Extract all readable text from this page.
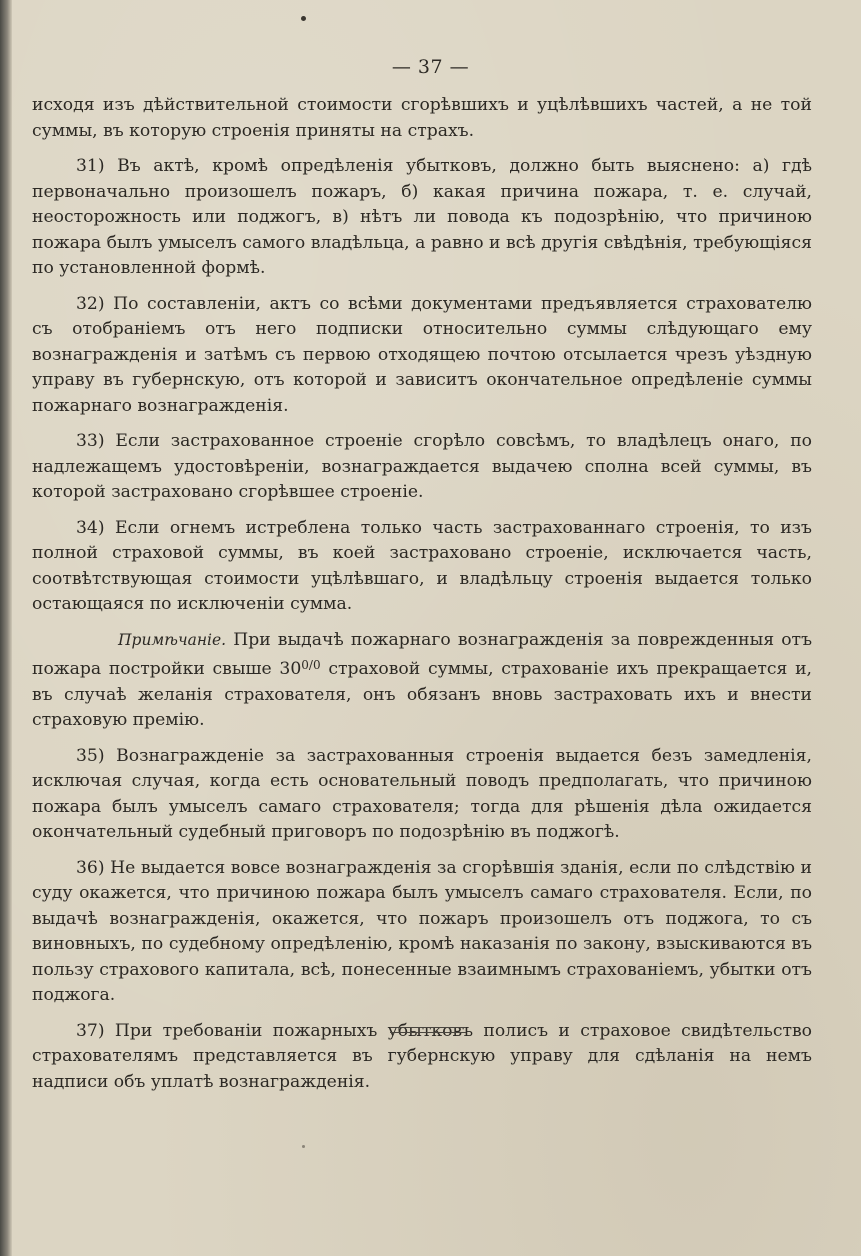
— 37 —

исходя изъ дѣйствительной стоимости сгорѣвшихъ и уцѣлѣвшихъ частей, а не той суммы, въ которую строенія приняты на страхъ.

31) Въ актѣ, кромѣ опредѣленія убытковъ, должно быть выяснено: а) гдѣ первоначально произошелъ пожаръ, б) какая причина пожара, т. е. случай, неосторожность или поджогъ, в) нѣтъ ли повода къ подозрѣнію, что причиною пожара былъ умыселъ самого владѣльца, а равно и всѣ другія свѣдѣнія, требующіяся по установленной формѣ.

32) По составленіи, актъ со всѣми документами предъявляется страхователю съ отобраніемъ отъ него подписки относительно суммы слѣдующаго ему вознагражденія и затѣмъ съ первою отходящею почтою отсылается чрезъ уѣздную управу въ губернскую, отъ которой и зависитъ окончательное опредѣленіе суммы пожарнаго вознагражденія.

33) Если застрахованное строеніе сгорѣло совсѣмъ, то владѣлецъ онаго, по надлежащемъ удостовѣреніи, вознаграждается выдачею сполна всей суммы, въ которой застраховано сгорѣвшее строеніе.

34) Если огнемъ истреблена только часть застрахованнаго строенія, то изъ полной страховой суммы, въ коей застраховано строеніе, исключается часть, соотвѣтствующая стоимости уцѣлѣвшаго, и владѣльцу строенія выдается только остающаяся по исключеніи сумма.

Примѣчаніе. При выдачѣ пожарнаго вознагражденія за поврежденныя отъ пожара постройки свыше $30^{0/0}$ страховой суммы, страхованіе ихъ прекращается и, въ случаѣ желанія страхователя, онъ обязанъ вновь застраховать ихъ и внести страховую премію.

35) Вознагражденіе за застрахованныя строенія выдается безъ замедленія, исключая случая, когда есть основательный поводъ предполагать, что причиною пожара былъ умыселъ самаго страхователя; тогда для рѣшенія дѣла ожидается окончательный судебный приговоръ по подозрѣнію въ поджогѣ.

36) Не выдается вовсе вознагражденія за сгорѣвшія зданія, если по слѣдствію и суду окажется, что причиною пожара былъ умыселъ самаго страхователя. Если, по выдачѣ вознагражденія, окажется, что пожаръ произошелъ отъ поджога, то съ виновныхъ, по судебному опредѣленію, кромѣ наказанія по закону, взыскиваются въ пользу страхового капитала, всѣ, понесенные взаимнымъ страхованіемъ, убытки отъ поджога.

37) При требованіи пожарныхъ убытковъ полисъ и страховое свидѣтельство страхователямъ представляется въ губернскую управу для сдѣланія на немъ надписи объ уплатѣ вознагражденія.
